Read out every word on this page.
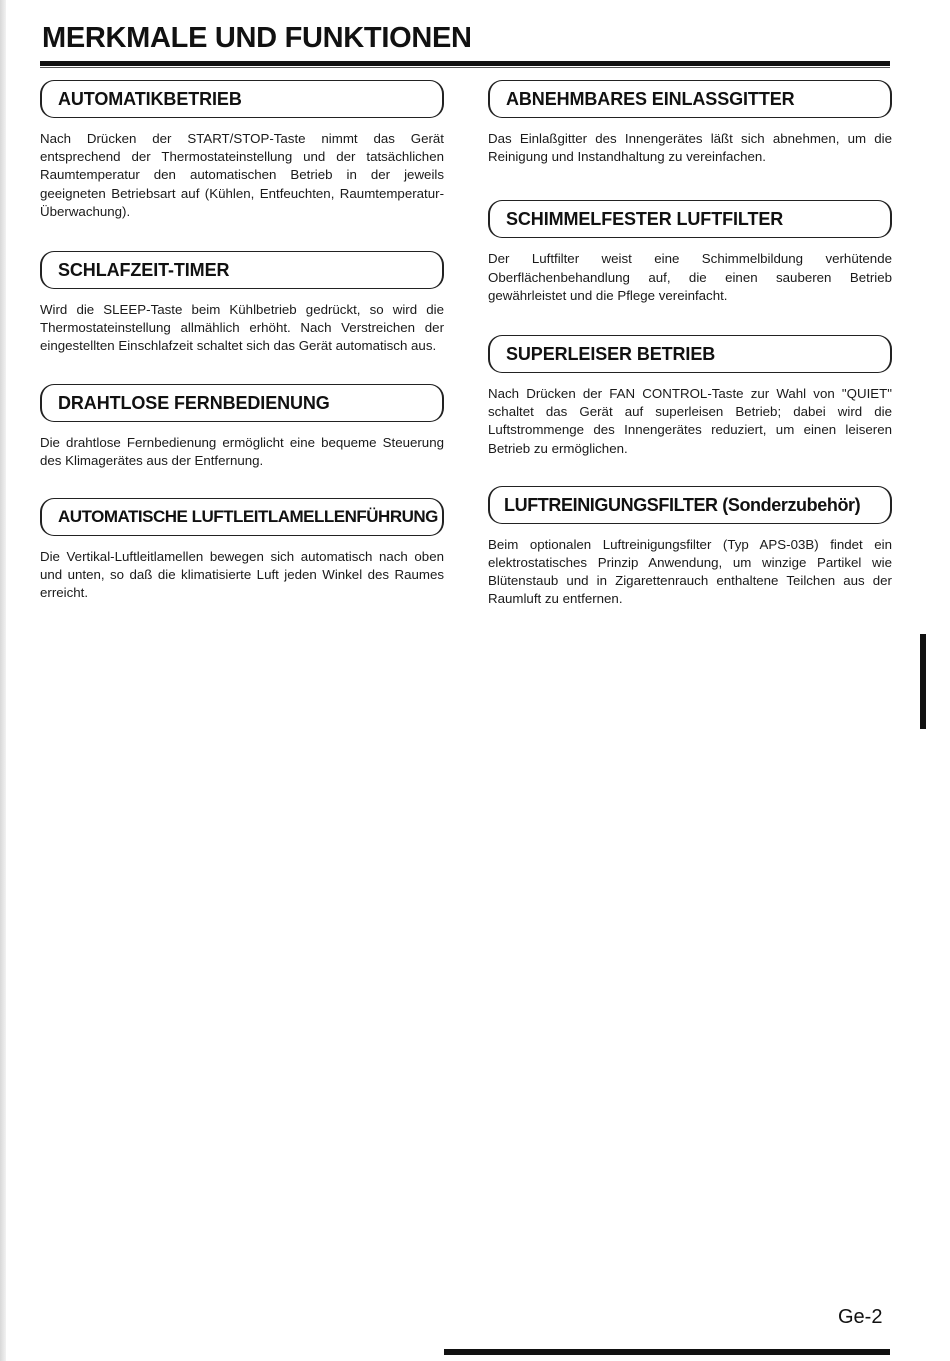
MERKMALE UND FUNKTIONEN
AUTOMATIKBETRIEB

Nach Drücken der START/STOP-Taste nimmt das Gerät entsprechend der Thermostateinstellung und der tatsächlichen Raumtemperatur den automatischen Betrieb in der jeweils geeigneten Betriebsart auf (Kühlen, Entfeuchten, Raumtemperatur-Überwachung).

SCHLAFZEIT-TIMER

Wird die SLEEP-Taste beim Kühlbetrieb gedrückt, so wird die Thermostateinstellung allmählich erhöht. Nach Verstreichen der eingestellten Einschlafzeit schaltet sich das Gerät automatisch aus.

DRAHTLOSE FERNBEDIENUNG

Die drahtlose Fernbedienung ermöglicht eine bequeme Steuerung des Klimagerätes aus der Entfernung.

AUTOMATISCHE LUFTLEITLAMELLENFÜHRUNG

Die Vertikal-Luftleitlamellen bewegen sich automatisch nach oben und unten, so daß die klimatisierte Luft jeden Winkel des Raumes erreicht.

ABNEHMBARES EINLASSGITTER

Das Einlaßgitter des Innengerätes läßt sich abnehmen, um die Reinigung und Instandhaltung zu vereinfachen.

SCHIMMELFESTER LUFTFILTER

Der Luftfilter weist eine Schimmelbildung verhütende Oberflächenbehandlung auf, die einen sauberen Betrieb gewährleistet und die Pflege vereinfacht.

SUPERLEISER BETRIEB

Nach Drücken der FAN CONTROL-Taste zur Wahl von "QUIET" schaltet das Gerät auf superleisen Betrieb; dabei wird die Luftstrommenge des Innengerätes reduziert, um einen leiseren Betrieb zu ermöglichen.

LUFTREINIGUNGSFILTER (Sonderzubehör)

Beim optionalen Luftreinigungsfilter (Typ APS-03B) findet ein elektrostatisches Prinzip Anwendung, um winzige Partikel wie Blütenstaub und in Zigarettenrauch enthaltene Teilchen aus der Raumluft zu entfernen.

Ge-2
